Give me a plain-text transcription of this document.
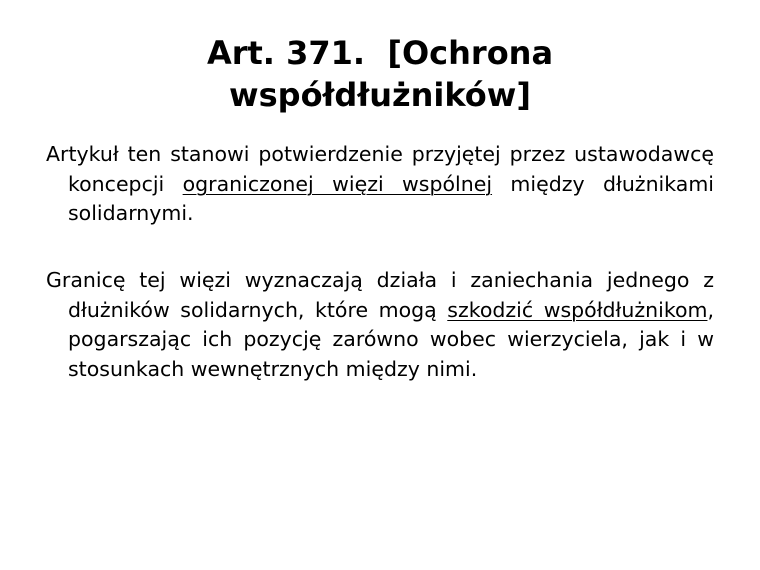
Art. 371.  [Ochrona
współdłużników]

Artykuł ten stanowi potwierdzenie przyjętej przez ustawodawcę koncepcji ograniczonej więzi wspólnej między dłużnikami solidarnymi.

Granicę tej więzi wyznaczają działa i zaniechania jednego z dłużników solidarnych, które mogą szkodzić współdłużnikom, pogarszając ich pozycję zarówno wobec wierzyciela, jak i w stosunkach wewnętrznych między nimi.
